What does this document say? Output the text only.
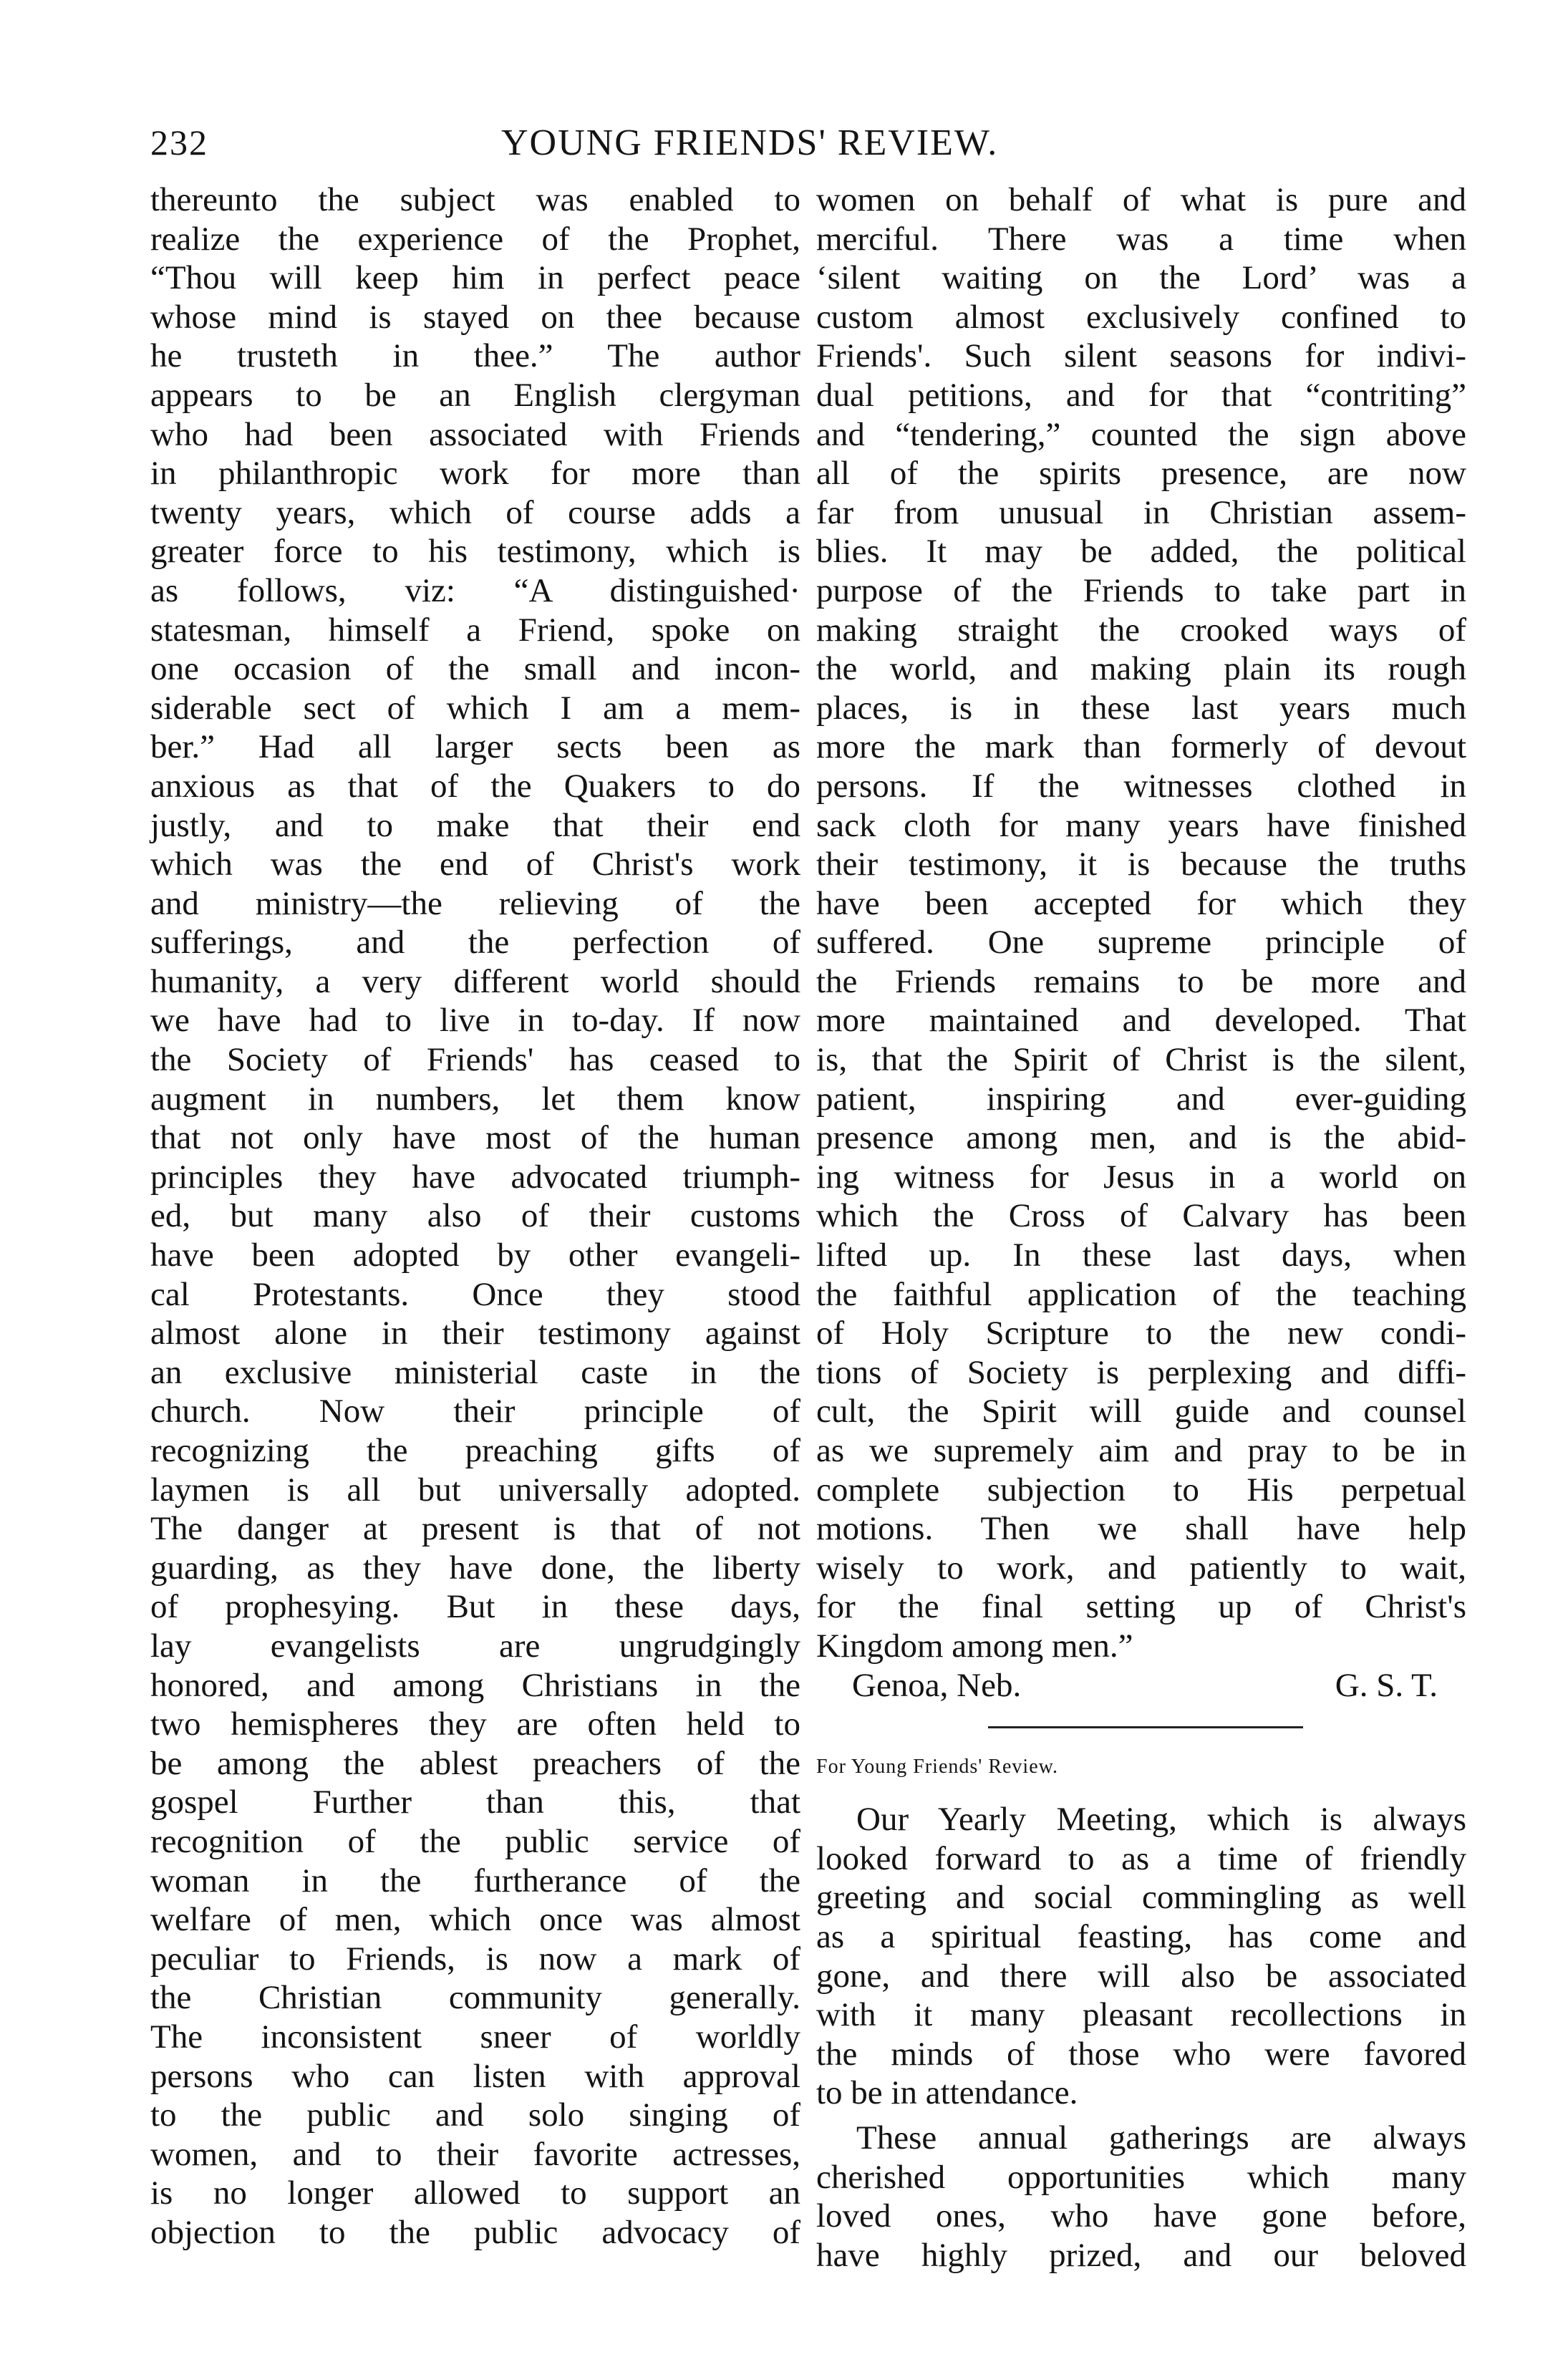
232	YOUNG FRIENDS' REVIEW.
thereunto the subject was enabled to
realize the experience of the Prophet,
“Thou will keep him in perfect peace
whose mind is stayed on thee because
he trusteth in thee.” The author
appears to be an English clergyman
who had been associated with Friends
in philanthropic work for more than
twenty years, which of course adds a
greater force to his testimony, which is
as follows, viz: “A distinguished·
statesman, himself a Friend, spoke on
one occasion of the small and incon-
siderable sect of which I am a mem-
ber.” Had all larger sects been as
anxious as that of the Quakers to do
justly, and to make that their end
which was the end of Christ's work
and ministry—the relieving of the
sufferings, and the perfection of
humanity, a very different world should
we have had to live in to-day. If now
the Society of Friends' has ceased to
augment in numbers, let them know
that not only have most of the human
principles they have advocated triumph-
ed, but many also of their customs
have been adopted by other evangeli-
cal Protestants. Once they stood
almost alone in their testimony against
an exclusive ministerial caste in the
church. Now their principle of
recognizing the preaching gifts of
laymen is all but universally adopted.
The danger at present is that of not
guarding, as they have done, the liberty
of prophesying. But in these days,
lay evangelists are ungrudgingly
honored, and among Christians in the
two hemispheres they are often held to
be among the ablest preachers of the
gospel Further than this, that
recognition of the public service of
woman in the furtherance of the
welfare of men, which once was almost
peculiar to Friends, is now a mark of
the Christian community generally.
The inconsistent sneer of worldly
persons who can listen with approval
to the public and solo singing of
women, and to their favorite actresses,
is no longer allowed to support an
objection to the public advocacy of
women on behalf of what is pure and
merciful. There was a time when
‘silent waiting on the Lord’ was a
custom almost exclusively confined to
Friends'. Such silent seasons for indivi-
dual petitions, and for that “contriting”
and “tendering,” counted the sign above
all of the spirits presence, are now
far from unusual in Christian assem-
blies. It may be added, the political
purpose of the Friends to take part in
making straight the crooked ways of
the world, and making plain its rough
places, is in these last years much
more the mark than formerly of devout
persons. If the witnesses clothed in
sack cloth for many years have finished
their testimony, it is because the truths
have been accepted for which they
suffered. One supreme principle of
the Friends remains to be more and
more maintained and developed. That
is, that the Spirit of Christ is the silent,
patient, inspiring and ever-guiding
presence among men, and is the abid-
ing witness for Jesus in a world on
which the Cross of Calvary has been
lifted up. In these last days, when
the faithful application of the teaching
of Holy Scripture to the new condi-
tions of Society is perplexing and diffi-
cult, the Spirit will guide and counsel
as we supremely aim and pray to be in
complete subjection to His perpetual
motions. Then we shall have help
wisely to work, and patiently to wait,
for the final setting up of Christ's
Kingdom among men.”
Genoa, Neb.	G. S. T.
For Young Friends' Review.
Our Yearly Meeting, which is always
looked forward to as a time of friendly
greeting and social commingling as well
as a spiritual feasting, has come and
gone, and there will also be associated
with it many pleasant recollections in
the minds of those who were favored
to be in attendance.
These annual gatherings are always
cherished opportunities which many
loved ones, who have gone before,
have highly prized, and our beloved
